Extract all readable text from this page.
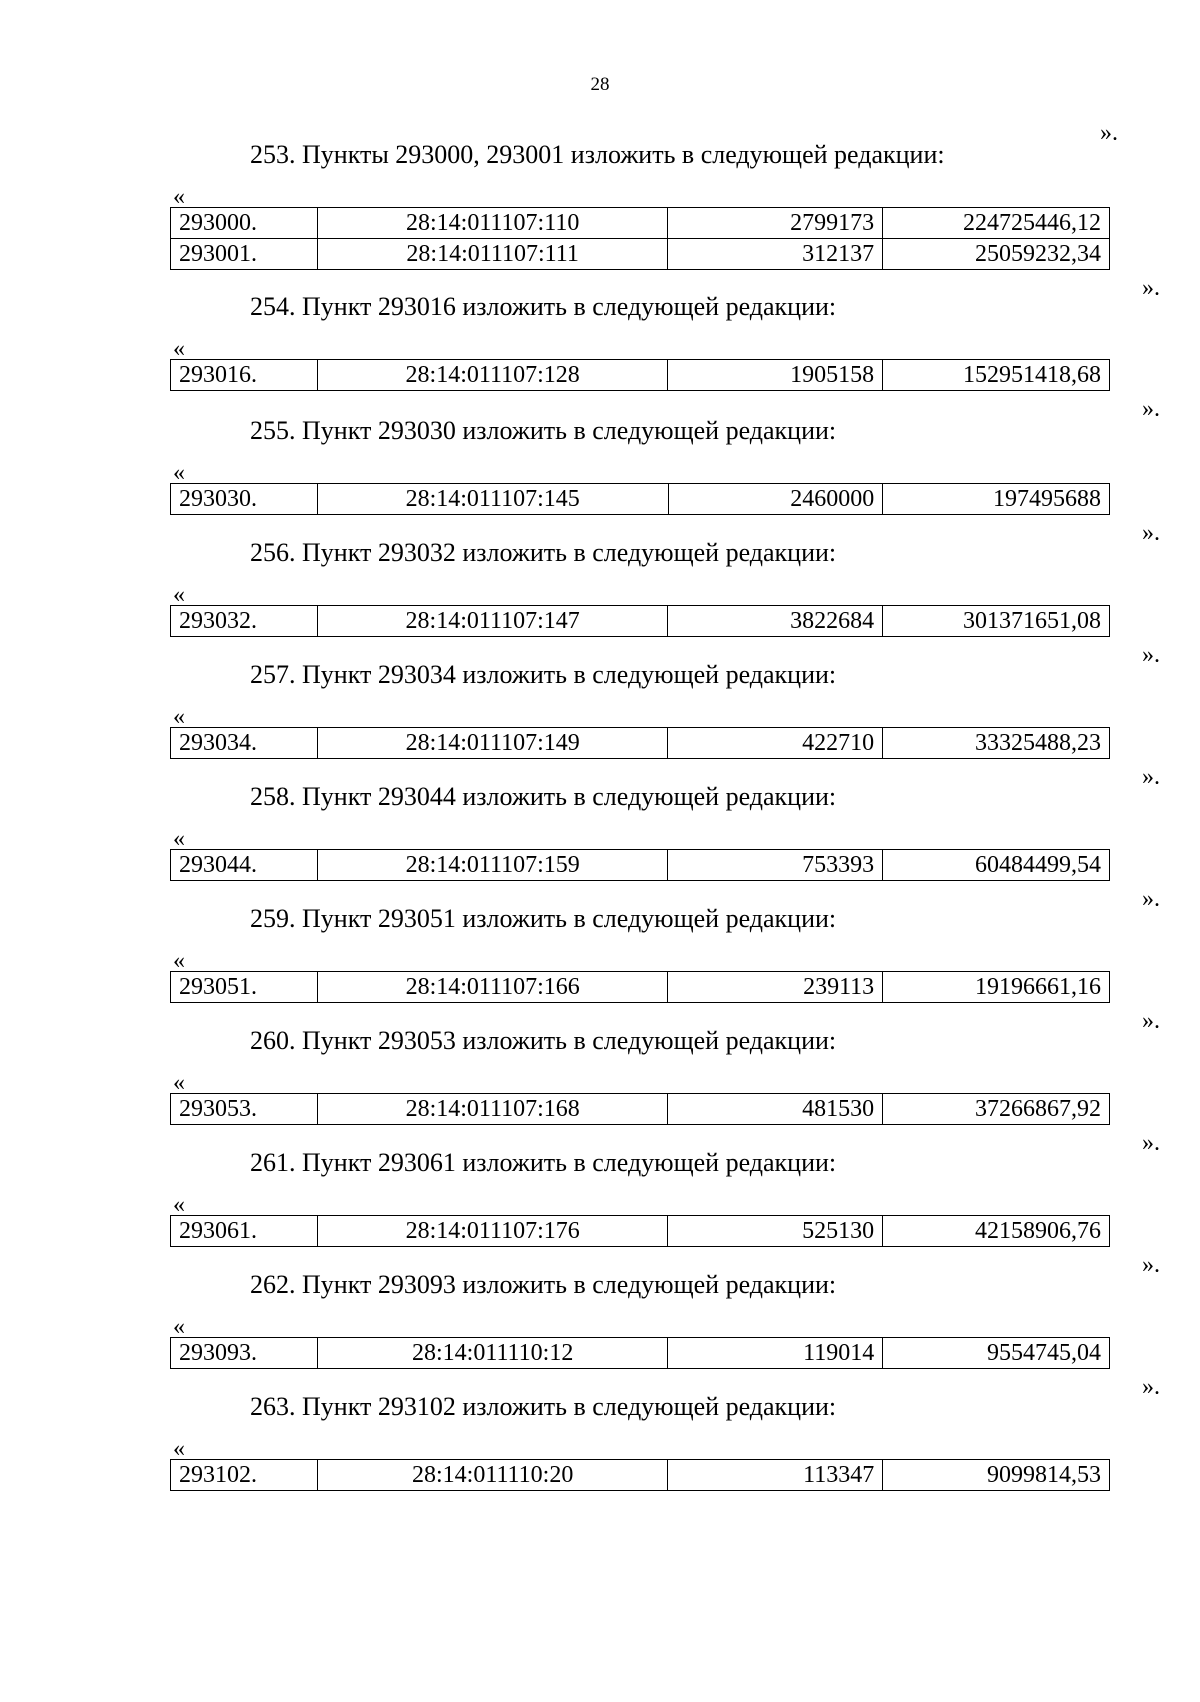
28
».
253. Пункты 293000, 293001 изложить в следующей редакции:
«
293000.	28:14:011107:110	2799173	224725446,12
293001.	28:14:011107:111	312137	25059232,34
».
254. Пункт 293016 изложить в следующей редакции:
«
293016.	28:14:011107:128	1905158	152951418,68
».
255. Пункт 293030 изложить в следующей редакции:
«
293030.	28:14:011107:145	2460000	197495688
».
256. Пункт 293032 изложить в следующей редакции:
«
293032.	28:14:011107:147	3822684	301371651,08
».
257. Пункт 293034 изложить в следующей редакции:
«
293034.	28:14:011107:149	422710	33325488,23
».
258. Пункт 293044 изложить в следующей редакции:
«
293044.	28:14:011107:159	753393	60484499,54
».
259. Пункт 293051 изложить в следующей редакции:
«
293051.	28:14:011107:166	239113	19196661,16
».
260. Пункт 293053 изложить в следующей редакции:
«
293053.	28:14:011107:168	481530	37266867,92
».
261. Пункт 293061 изложить в следующей редакции:
«
293061.	28:14:011107:176	525130	42158906,76
».
262. Пункт 293093 изложить в следующей редакции:
«
293093.	28:14:011110:12	119014	9554745,04
».
263. Пункт 293102 изложить в следующей редакции:
«
293102.	28:14:011110:20	113347	9099814,53
